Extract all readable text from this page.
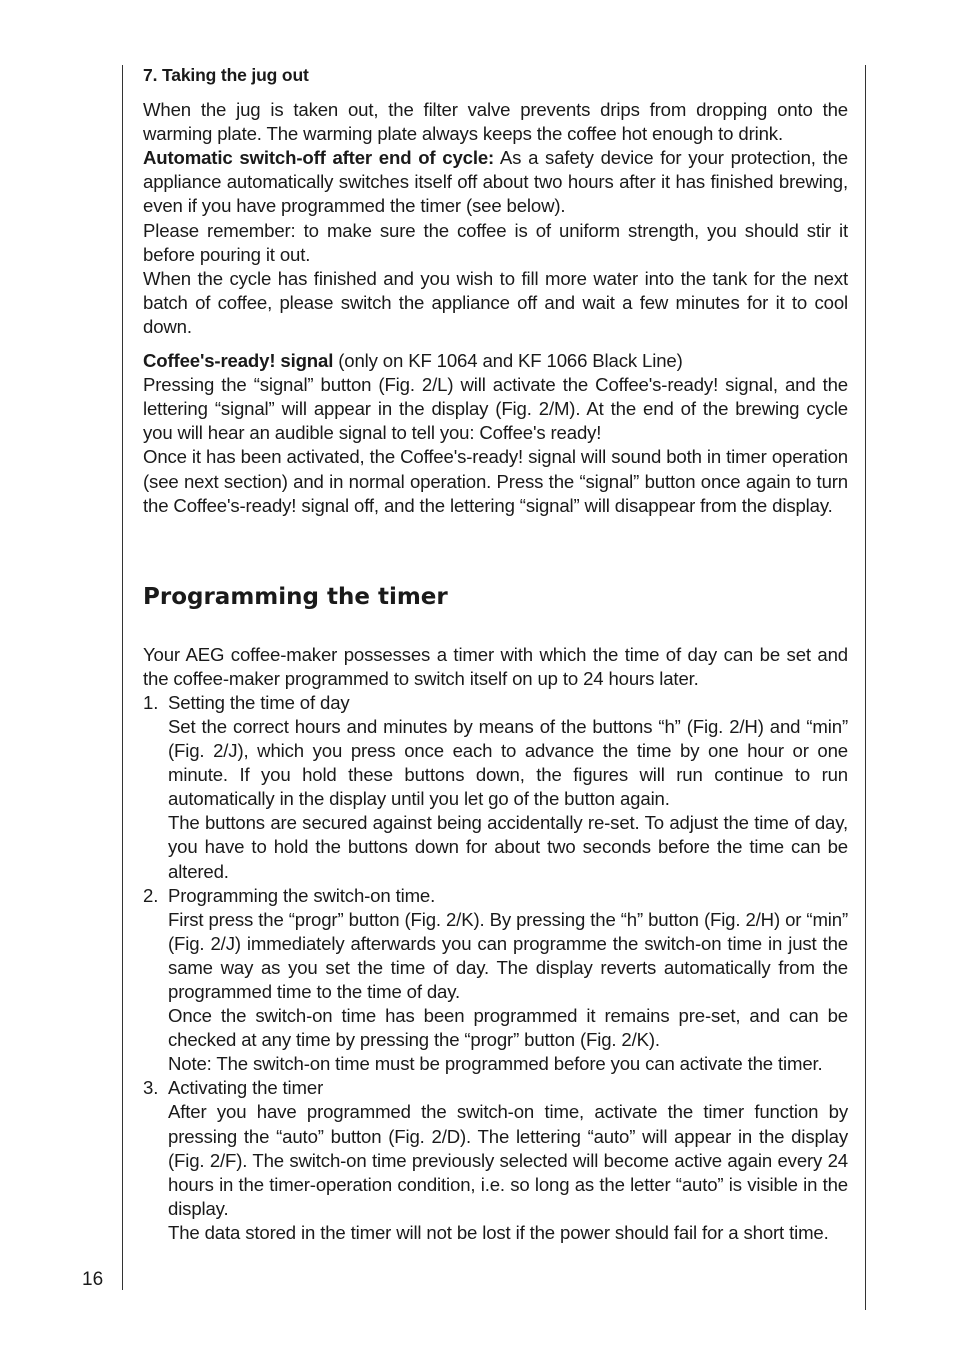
7. Taking the jug out

When the jug is taken out, the filter valve prevents drips from dropping onto the warming plate. The warming plate always keeps the coffee hot enough to drink.

Automatic switch-off after end of cycle: As a safety device for your protection, the appliance automatically switches itself off about two hours after it has finished brewing, even if you have programmed the timer (see below).

Please remember: to make sure the coffee is of uniform strength, you should stir it before pouring it out.

When the cycle has finished and you wish to fill more water into the tank for the next batch of coffee, please switch the appliance off and wait a few minutes for it to cool down.

Coffee's-ready! signal (only on KF 1064 and KF 1066 Black Line)

Pressing the “signal” button (Fig. 2/L) will activate the Coffee's-ready! signal, and the lettering “signal” will appear in the display (Fig. 2/M). At the end of the brewing cycle you will hear an audible signal to tell you: Coffee's ready!

Once it has been activated, the Coffee's-ready! signal will sound both in timer operation (see next section) and in normal operation. Press the “signal” button once again to turn the Coffee's-ready! signal off, and the lettering “signal” will disappear from the display.

Programming the timer

Your AEG coffee-maker possesses a timer with which the time of day can be set and the coffee-maker programmed to switch itself on up to 24 hours later.

1. Setting the time of day

Set the correct hours and minutes by means of the buttons “h” (Fig. 2/H) and “min” (Fig. 2/J), which you press once each to advance the time by one hour or one minute. If you hold these buttons down, the figures will run continue to run automatically in the display until you let go of the button again.

The buttons are secured against being accidentally re-set. To adjust the time of day, you have to hold the buttons down for about two seconds before the time can be altered.

2. Programming the switch-on time.

First press the “progr” button (Fig. 2/K). By pressing the “h” button (Fig. 2/H) or “min” (Fig. 2/J) immediately afterwards you can programme the switch-on time in just the same way as you set the time of day. The display reverts automatically from the programmed time to the time of day.

Once the switch-on time has been programmed it remains pre-set, and can be checked at any time by pressing the “progr” button (Fig. 2/K).

Note: The switch-on time must be programmed before you can activate the timer.

3. Activating the timer

After you have programmed the switch-on time, activate the timer function by pressing the “auto” button (Fig. 2/D). The lettering “auto” will appear in the display (Fig. 2/F). The switch-on time previously selected will become active again every 24 hours in the timer-operation condition, i.e. so long as the letter “auto” is visible in the display.

The data stored in the timer will not be lost if the power should fail for a short time.

16
